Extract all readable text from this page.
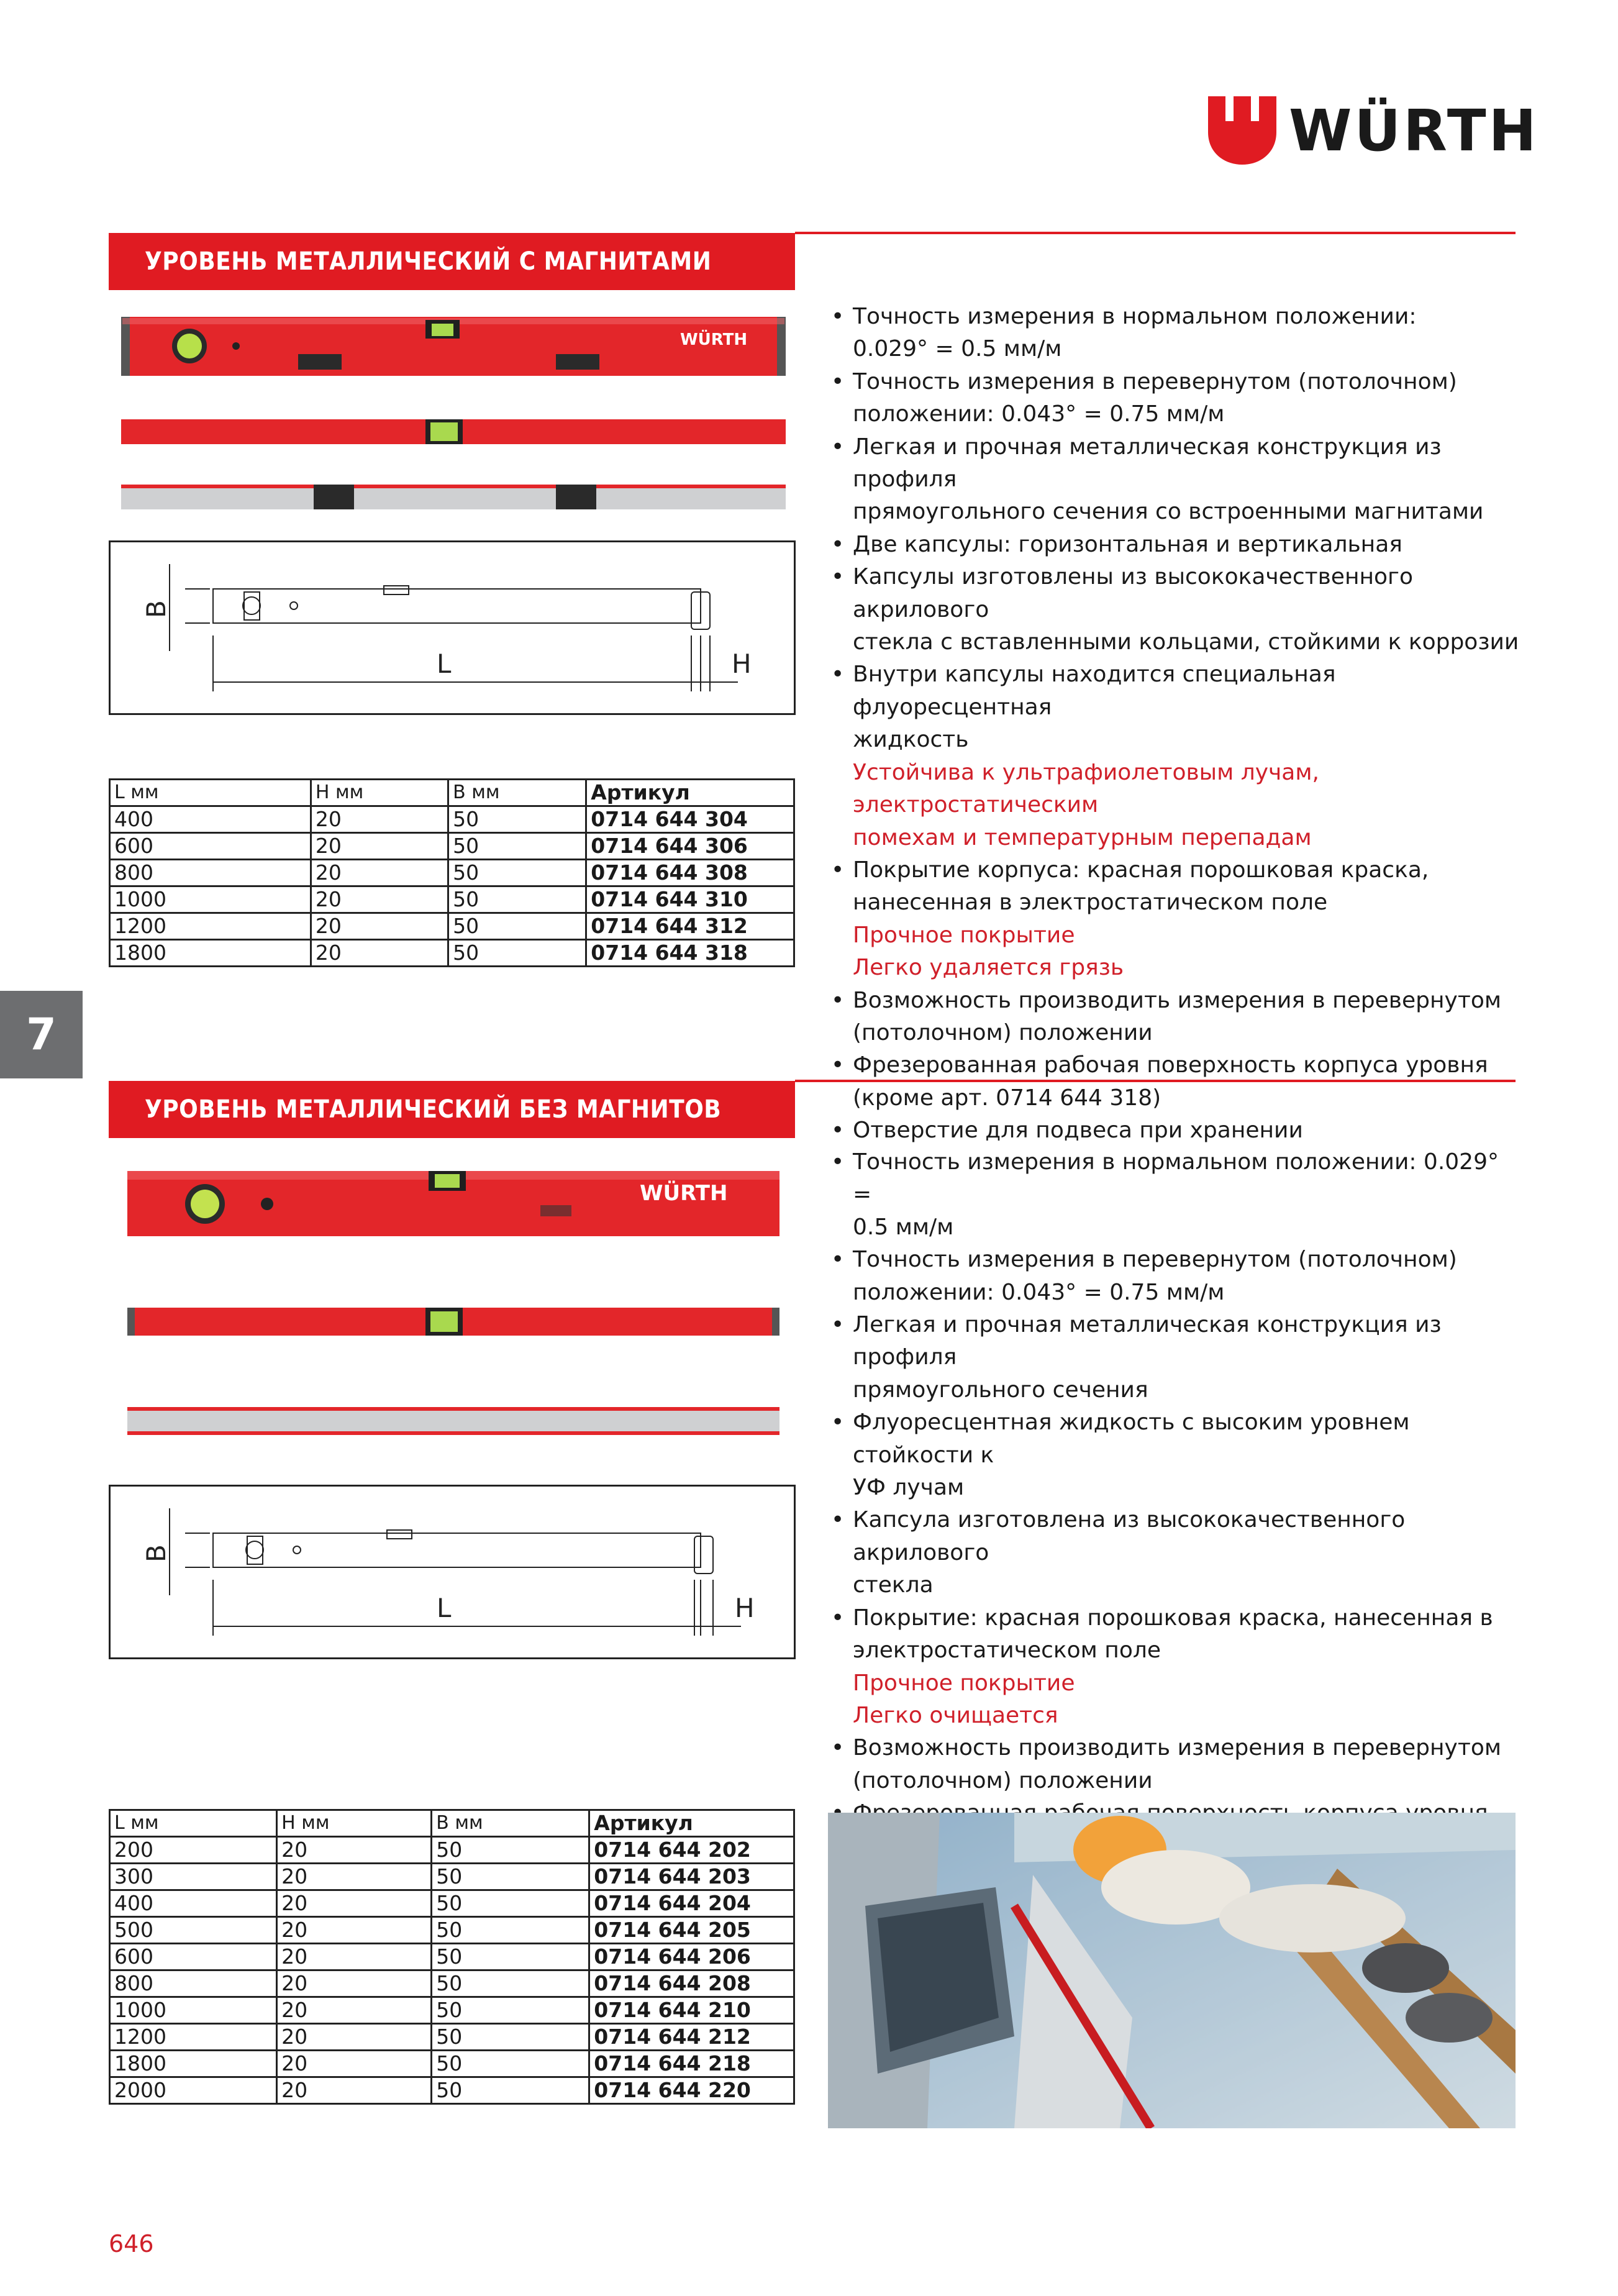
WÜRTH
УРОВЕНЬ МЕТАЛЛИЧЕСКИЙ С МАГНИТАМИ
WÜRTH
B
L	H
L мм	H мм	B мм	Артикул
400	20	50	0714 644 304
600	20	50	0714 644 306
800	20	50	0714 644 308
1000	20	50	0714 644 310
1200	20	50	0714 644 312
1800	20	50	0714 644 318
• Точность измерения в нормальном положении:
0.029° = 0.5 мм/м
• Точность измерения в перевернутом (потолочном)
положении: 0.043° = 0.75 мм/м
• Легкая и прочная металлическая конструкция из профиля
прямоугольного сечения со встроенными магнитами
• Две капсулы: горизонтальная и вертикальная
• Капсулы изготовлены из высококачественного акрилового
стекла с вставленными кольцами, стойкими к коррозии
• Внутри капсулы находится специальная флуоресцентная
жидкость
Устойчива к ультрафиолетовым лучам, электростатическим
помехам и температурным перепадам
• Покрытие корпуса: красная порошковая краска,
нанесенная в электростатическом поле
Прочное покрытие
Легко удаляется грязь
• Возможность производить измерения в перевернутом
(потолочном) положении
• Фрезерованная рабочая поверхность корпуса уровня
(кроме арт. 0714 644 318)
• Отверстие для подвеса при хранении
7
УРОВЕНЬ МЕТАЛЛИЧЕСКИЙ БЕЗ МАГНИТОВ
WÜRTH
B
L	H
L мм	H мм	B мм	Артикул
200	20	50	0714 644 202
300	20	50	0714 644 203
400	20	50	0714 644 204
500	20	50	0714 644 205
600	20	50	0714 644 206
800	20	50	0714 644 208
1000	20	50	0714 644 210
1200	20	50	0714 644 212
1800	20	50	0714 644 218
2000	20	50	0714 644 220
• Точность измерения в нормальном положении: 0.029° =
0.5 мм/м
• Точность измерения в перевернутом (потолочном)
положении: 0.043° = 0.75 мм/м
• Легкая и прочная металлическая конструкция из профиля
прямоугольного сечения
• Флуоресцентная жидкость с высоким уровнем стойкости к
УФ лучам
• Капсула изготовлена из высококачественного акрилового
стекла
• Покрытие: красная порошковая краска, нанесенная в
электростатическом поле
Прочное покрытие
Легко очищается
• Возможность производить измерения в перевернутом
(потолочном) положении
•
•
•
646
